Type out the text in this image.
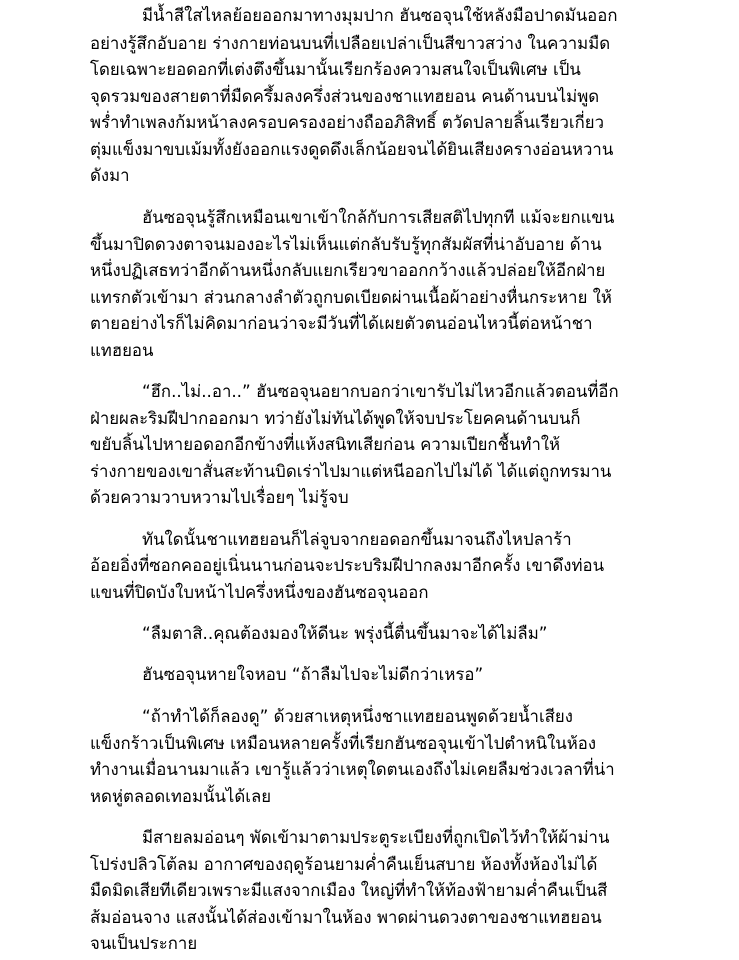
มีน้ำสีใสไหลย้อยออกมาทางมุมปาก ฮันซอจุนใช้หลังมือปาดมันออก
อย่างรู้สึกอับอาย ร่างกายท่อนบนที่เปลือยเปล่าเป็นสีขาวสว่าง ในความมืด
โดยเฉพาะยอดอกที่เต่งตึงขึ้นมานั้นเรียกร้องความสนใจเป็นพิเศษ เป็น
จุดรวมของสายตาที่มืดครึ้มลงครึ่งส่วนของชาแทฮยอน คนด้านบนไม่พูด
พร่ำทำเพลงก้มหน้าลงครอบครองอย่างถืออภิสิทธิ์ ตวัดปลายลิ้นเรียวเกี่ยว
ตุ่มแข็งมาขบเม้มทั้งยังออกแรงดูดดึงเล็กน้อยจนได้ยินเสียงครางอ่อนหวาน
ดังมา
ฮันซอจุนรู้สึกเหมือนเขาเข้าใกล้กับการเสียสติไปทุกที แม้จะยกแขน
ขึ้นมาปิดดวงตาจนมองอะไรไม่เห็นแต่กลับรับรู้ทุกสัมผัสที่น่าอับอาย ด้าน
หนึ่งปฏิเสธทว่าอีกด้านหนึ่งกลับแยกเรียวขาออกกว้างแล้วปล่อยให้อีกฝ่าย
แทรกตัวเข้ามา ส่วนกลางลำตัวถูกบดเบียดผ่านเนื้อผ้าอย่างหื่นกระหาย ให้
ตายอย่างไรก็ไม่คิดมาก่อนว่าจะมีวันที่ได้เผยตัวตนอ่อนไหวนี้ต่อหน้าชา
แทฮยอน
“ฮึก..ไม่..อา..” ฮันซอจุนอยากบอกว่าเขารับไม่ไหวอีกแล้วตอนที่อีก
ฝ่ายผละริมฝีปากออกมา ทว่ายังไม่ทันได้พูดให้จบประโยคคนด้านบนก็
ขยับลิ้นไปหายอดอกอีกข้างที่แห้งสนิทเสียก่อน ความเปียกชื้นทำให้
ร่างกายของเขาสั่นสะท้านบิดเร่าไปมาแต่หนีออกไปไม่ได้ ได้แต่ถูกทรมาน
ด้วยความวาบหวามไปเรื่อยๆ ไม่รู้จบ
ทันใดนั้นชาแทฮยอนก็ไล่จูบจากยอดอกขึ้นมาจนถึงไหปลาร้า
อ้อยอิ่งที่ซอกคออยู่เนิ่นนานก่อนจะประบริมฝีปากลงมาอีกครั้ง เขาดึงท่อน
แขนที่ปิดบังใบหน้าไปครึ่งหนึ่งของฮันซอจุนออก
“ลืมตาสิ..คุณต้องมองให้ดีนะ พรุ่งนี้ตื่นขึ้นมาจะได้ไม่ลืม”
ฮันซอจุนหายใจหอบ “ถ้าลืมไปจะไม่ดีกว่าเหรอ”
“ถ้าทำได้ก็ลองดู” ด้วยสาเหตุหนึ่งชาแทฮยอนพูดด้วยน้ำเสียง
แข็งกร้าวเป็นพิเศษ เหมือนหลายครั้งที่เรียกฮันซอจุนเข้าไปตำหนิในห้อง
ทำงานเมื่อนานมาแล้ว เขารู้แล้วว่าเหตุใดตนเองถึงไม่เคยลืมช่วงเวลาที่น่า
หดหู่ตลอดเทอมนั้นได้เลย
มีสายลมอ่อนๆ พัดเข้ามาตามประตูระเบียงที่ถูกเปิดไว้ทำให้ผ้าม่าน
โปร่งปลิวโต้ลม อากาศของฤดูร้อนยามค่ำคืนเย็นสบาย ห้องทั้งห้องไม่ได้
มืดมิดเสียทีเดียวเพราะมีแสงจากเมือง ใหญ่ที่ทำให้ท้องฟ้ายามค่ำคืนเป็นสี
ส้มอ่อนจาง แสงนั้นได้ส่องเข้ามาในห้อง พาดผ่านดวงตาของชาแทฮยอน
จนเป็นประกาย
